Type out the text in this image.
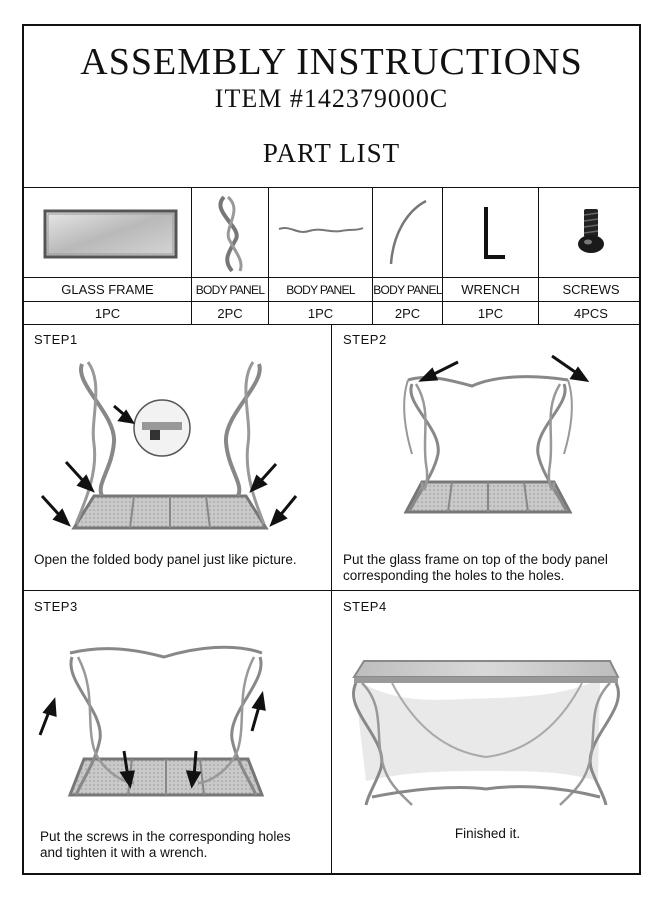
ASSEMBLY INSTRUCTIONS
ITEM #142379000C
PART LIST
GLASS FRAME	BODY PANEL	BODY PANEL	BODY PANEL	WRENCH	SCREWS
1PC	2PC	1PC	2PC	1PC	4PCS
STEP1
Open the folded body panel just like picture.
STEP2
Put the glass frame on top of the body panel
corresponding the holes to the holes.
STEP3
Put the screws in the corresponding holes
and tighten it with a wrench.
STEP4
Finished it.
